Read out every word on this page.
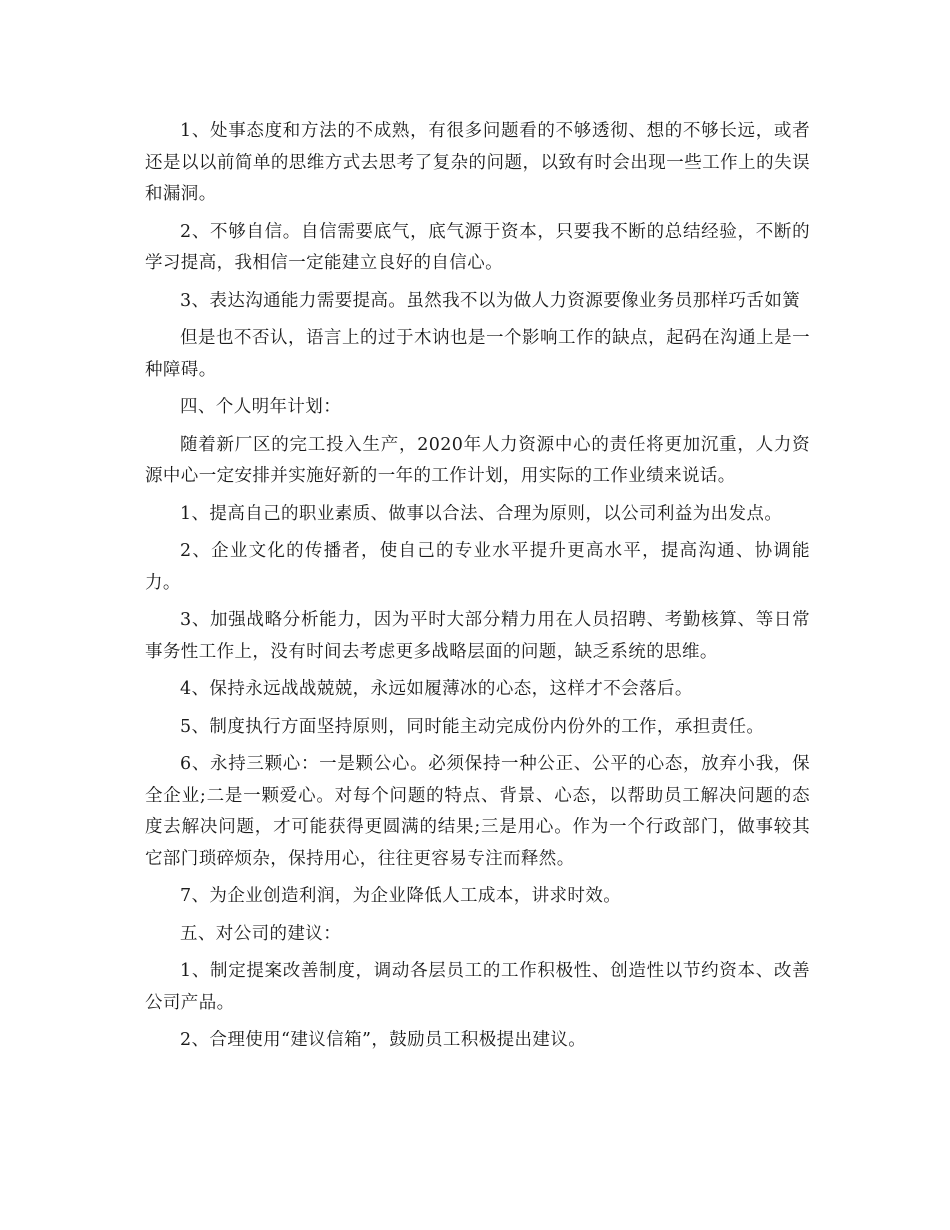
1、处事态度和方法的不成熟，有很多问题看的不够透彻、想的不够长远，或者还是以以前简单的思维方式去思考了复杂的问题，以致有时会出现一些工作上的失误和漏洞。

2、不够自信。自信需要底气，底气源于资本，只要我不断的总结经验，不断的学习提高，我相信一定能建立良好的自信心。

3、表达沟通能力需要提高。虽然我不以为做人力资源要像业务员那样巧舌如簧

但是也不否认，语言上的过于木讷也是一个影响工作的缺点，起码在沟通上是一种障碍。

四、个人明年计划：

随着新厂区的完工投入生产，2020年人力资源中心的责任将更加沉重，人力资源中心一定安排并实施好新的一年的工作计划，用实际的工作业绩来说话。

1、提高自己的职业素质、做事以合法、合理为原则，以公司利益为出发点。

2、企业文化的传播者，使自己的专业水平提升更高水平，提高沟通、协调能力。

3、加强战略分析能力，因为平时大部分精力用在人员招聘、考勤核算、等日常事务性工作上，没有时间去考虑更多战略层面的问题，缺乏系统的思维。

4、保持永远战战兢兢，永远如履薄冰的心态，这样才不会落后。

5、制度执行方面坚持原则，同时能主动完成份内份外的工作，承担责任。

6、永持三颗心：一是颗公心。必须保持一种公正、公平的心态，放弃小我，保全企业;二是一颗爱心。对每个问题的特点、背景、心态，以帮助员工解决问题的态度去解决问题，才可能获得更圆满的结果;三是用心。作为一个行政部门，做事较其它部门琐碎烦杂，保持用心，往往更容易专注而释然。

7、为企业创造利润，为企业降低人工成本，讲求时效。

五、对公司的建议：

1、制定提案改善制度，调动各层员工的工作积极性、创造性以节约资本、改善公司产品。

2、合理使用“建议信箱”，鼓励员工积极提出建议。
